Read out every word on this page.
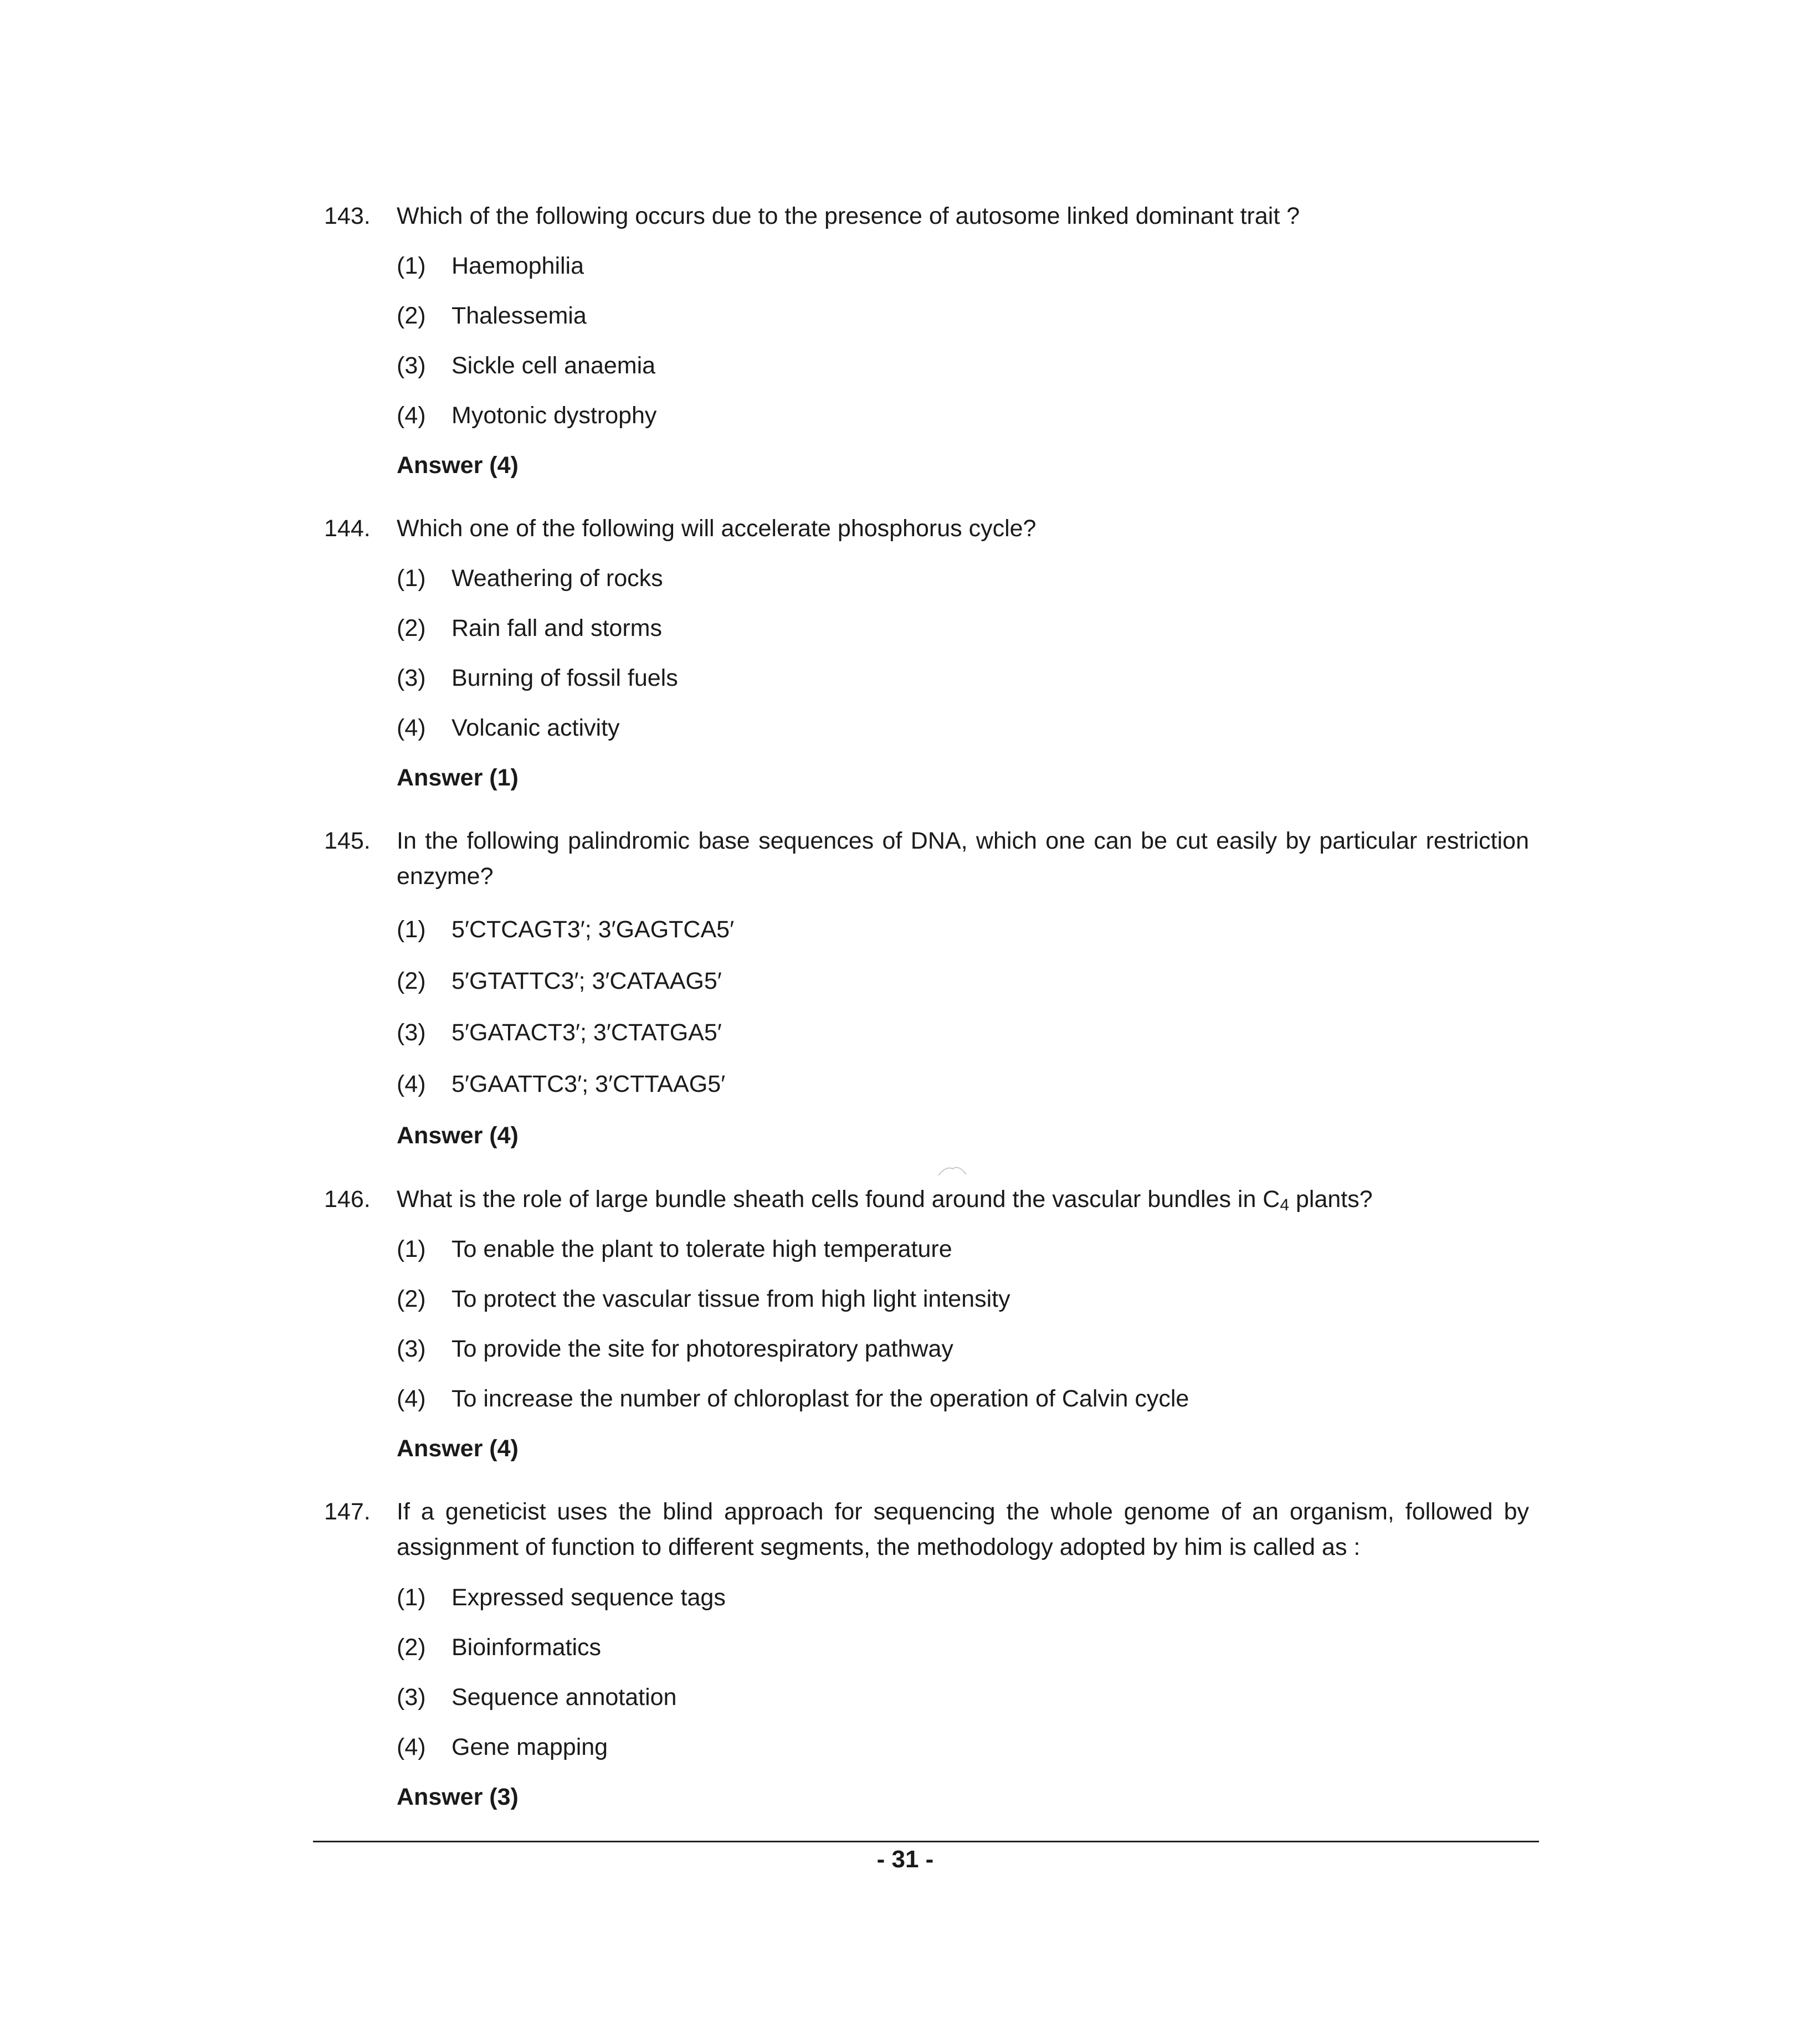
143. Which of the following occurs due to the presence of autosome linked dominant trait ?
(1) Haemophilia
(2) Thalessemia
(3) Sickle cell anaemia
(4) Myotonic dystrophy
Answer (4)
144. Which one of the following will accelerate phosphorus cycle?
(1) Weathering of rocks
(2) Rain fall and storms
(3) Burning of fossil fuels
(4) Volcanic activity
Answer (1)
145. In the following palindromic base sequences of DNA, which one can be cut easily by particular restriction enzyme?
(1) 5′CTCAGT3′; 3′GAGTCA5′
(2) 5′GTATTC3′; 3′CATAAG5′
(3) 5′GATACT3′; 3′CTATGA5′
(4) 5′GAATTC3′; 3′CTTAAG5′
Answer (4)
146. What is the role of large bundle sheath cells found around the vascular bundles in $C_4$ plants?
(1) To enable the plant to tolerate high temperature
(2) To protect the vascular tissue from high light intensity
(3) To provide the site for photorespiratory pathway
(4) To increase the number of chloroplast for the operation of Calvin cycle
Answer (4)
147. If a geneticist uses the blind approach for sequencing the whole genome of an organism, followed by assignment of function to different segments, the methodology adopted by him is called as :
(1) Expressed sequence tags
(2) Bioinformatics
(3) Sequence annotation
(4) Gene mapping
Answer (3)
- 31 -
